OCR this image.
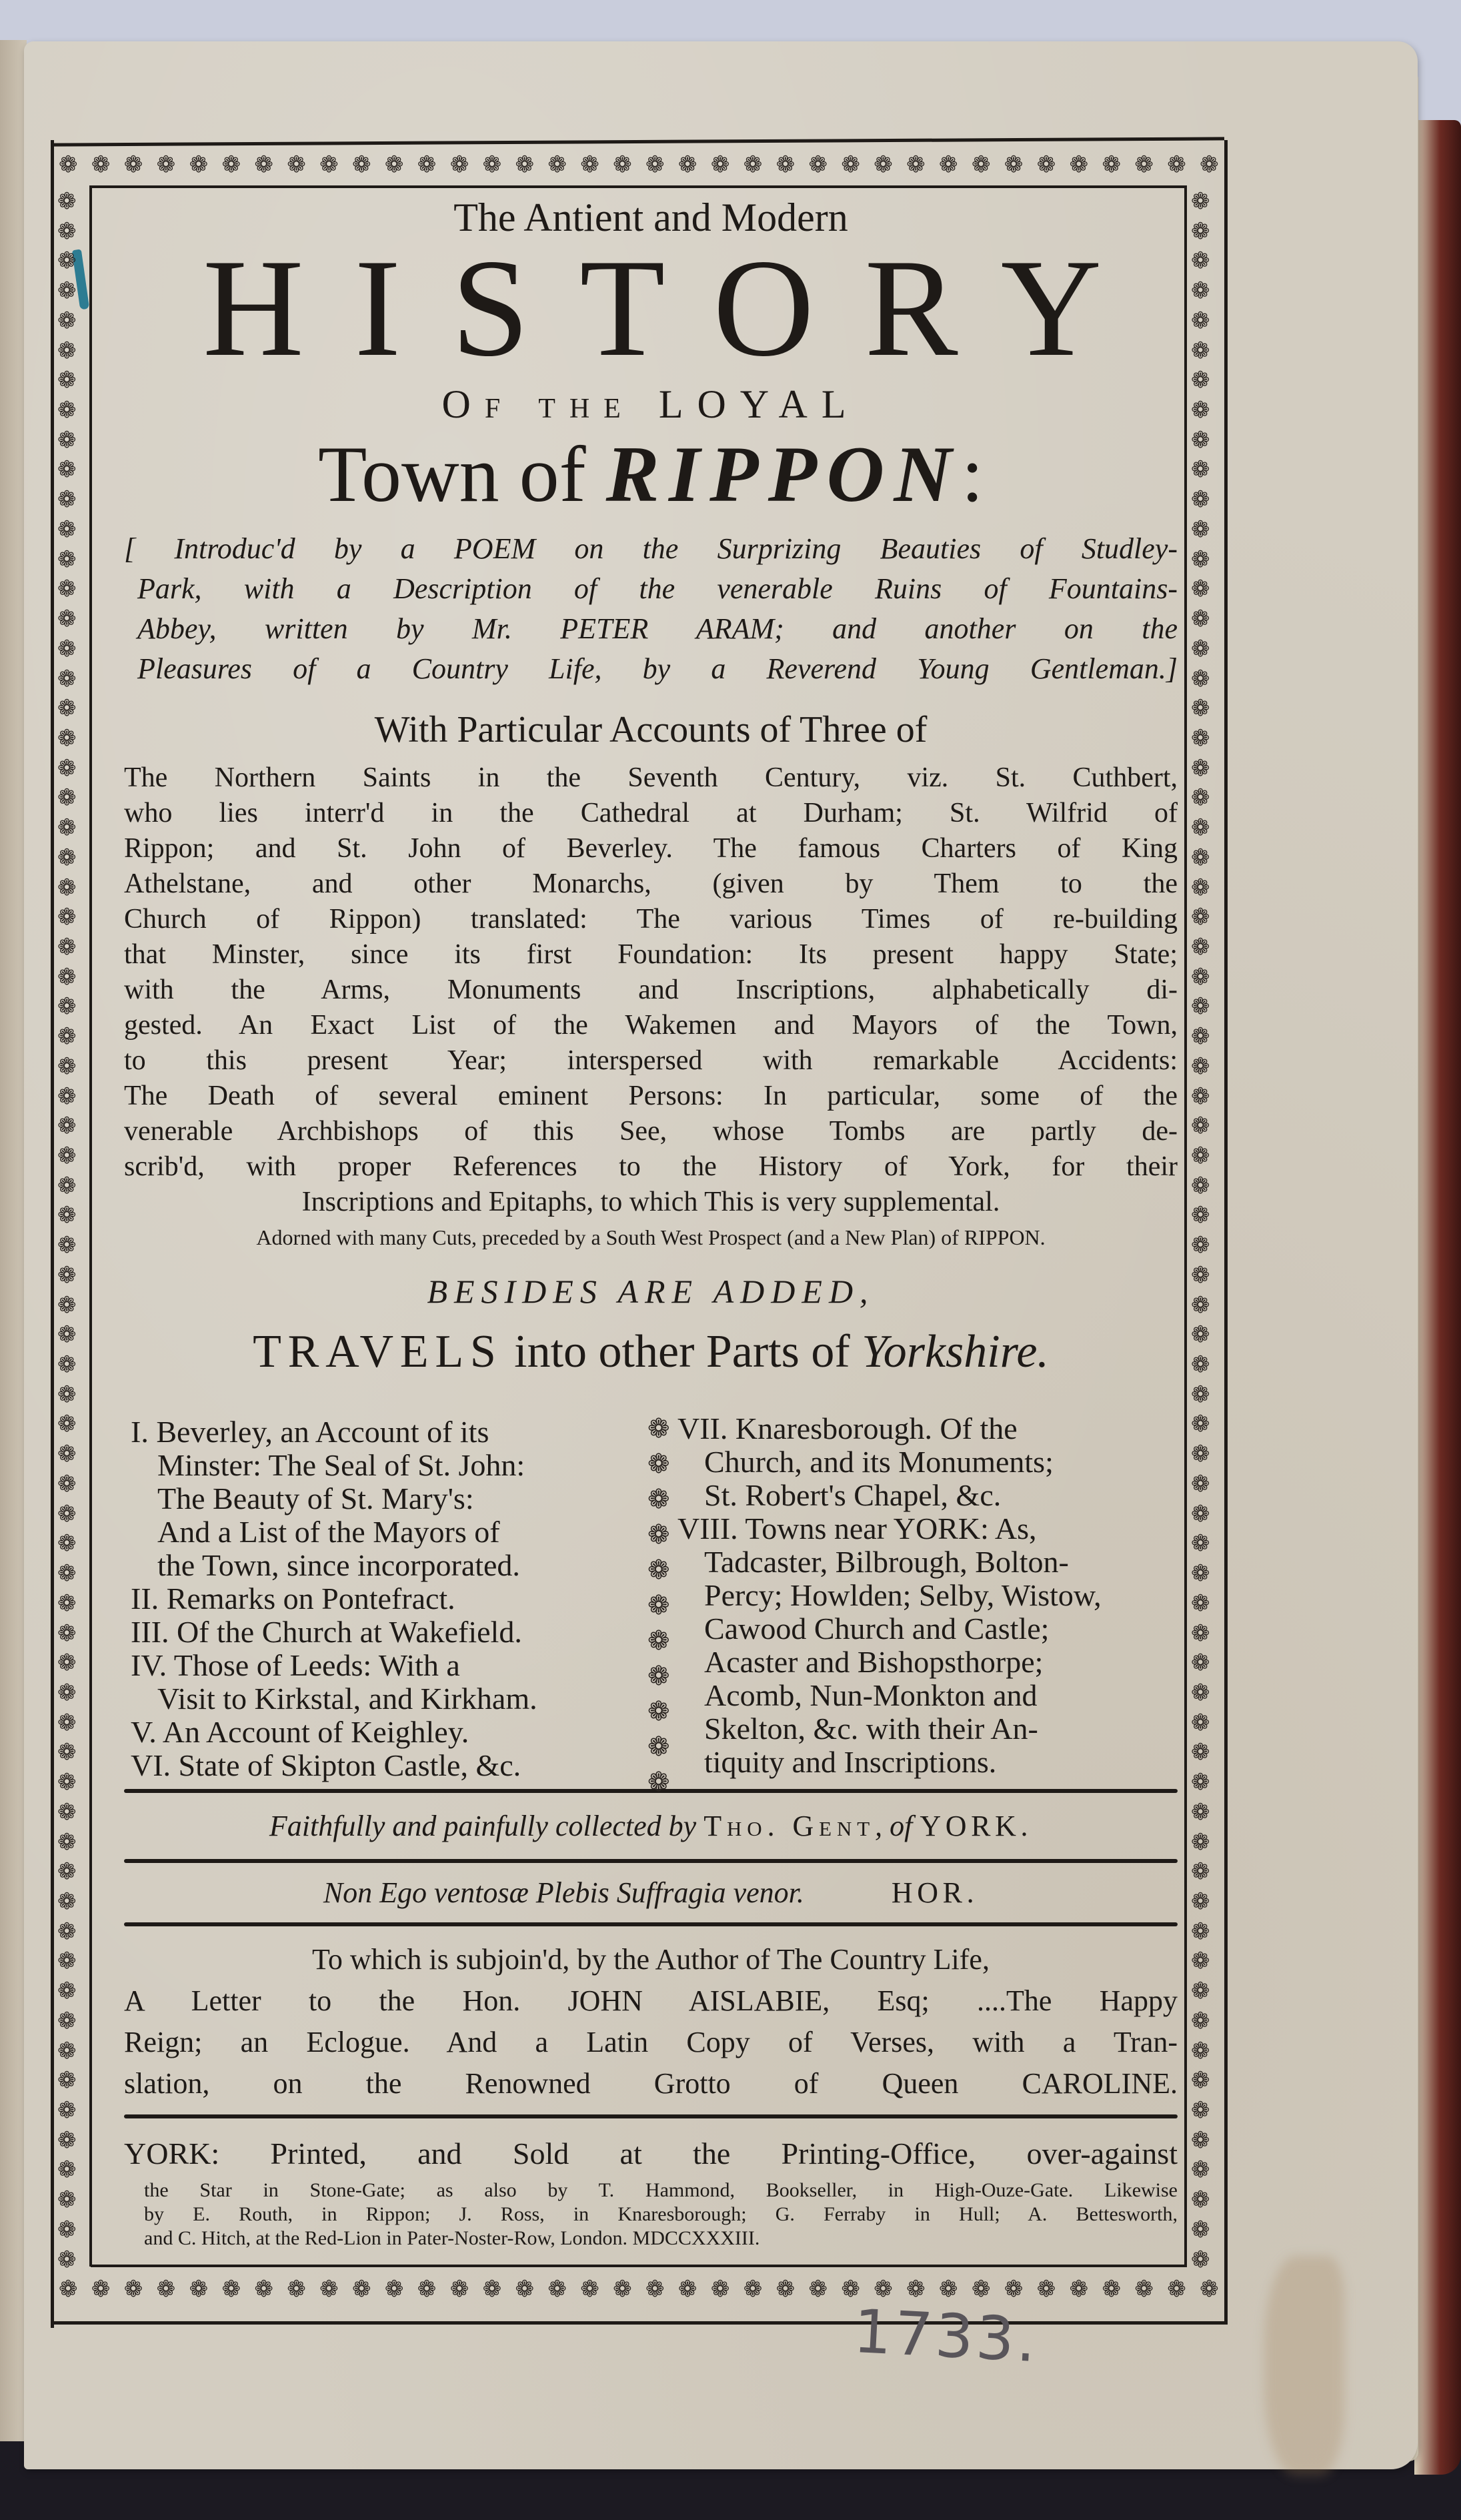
❁ ❁ ❁ ❁ ❁ ❁ ❁ ❁ ❁ ❁ ❁ ❁ ❁ ❁ ❁ ❁ ❁ ❁ ❁ ❁ ❁ ❁ ❁ ❁ ❁ ❁ ❁ ❁ ❁ ❁ ❁ ❁ ❁ ❁ ❁ ❁
❁ ❁ ❁ ❁ ❁ ❁ ❁ ❁ ❁ ❁ ❁ ❁ ❁ ❁ ❁ ❁ ❁ ❁ ❁ ❁ ❁ ❁ ❁ ❁ ❁ ❁ ❁ ❁ ❁ ❁ ❁ ❁ ❁ ❁ ❁ ❁
❁
❁
❁
❁
❁
❁
❁
❁
❁
❁
❁
❁
❁
❁
❁
❁
❁
❁
❁
❁
❁
❁
❁
❁
❁
❁
❁
❁
❁
❁
❁
❁
❁
❁
❁
❁
❁
❁
❁
❁
❁
❁
❁
❁
❁
❁
❁
❁
❁
❁
❁
❁
❁
❁
❁
❁
❁
❁
❁
❁
❁
❁
❁
❁
❁
❁
❁
❁
❁
❁
❁
❁
❁
❁
❁
❁
❁
❁
❁
❁
❁
❁
❁
❁
❁
❁
❁
❁
❁
❁
❁
❁
❁
❁
❁
❁
❁
❁
❁
❁
❁
❁
❁
❁
❁
❁
❁
❁
❁
❁
❁
❁
❁
❁
❁
❁
❁
❁
❁
❁
❁
❁
❁
❁
❁
❁
❁
❁
❁
❁
❁
❁
❁
❁
❁
❁
❁
❁
❁
❁
The Antient and Modern
HISTORY
Of the LOYAL
Town of RIPPON:
[ Introduc'd by a POEM on the Surprizing Beauties of Studley-
Park, with a Description of the venerable Ruins of Fountains-
Abbey, written by Mr. PETER ARAM; and another on the
Pleasures of a Country Life, by a Reverend Young Gentleman.]
With Particular Accounts of Three of
The Northern Saints in the Seventh Century, viz. St. Cuthbert,
who lies interr'd in the Cathedral at Durham; St. Wilfrid of
Rippon; and St. John of Beverley. The famous Charters of King
Athelstane, and other Monarchs, (given by Them to the
Church of Rippon) translated: The various Times of re-building
that Minster, since its first Foundation: Its present happy State;
with the Arms, Monuments and Inscriptions, alphabetically di-
gested. An Exact List of the Wakemen and Mayors of the Town,
to this present Year; interspersed with remarkable Accidents:
The Death of several eminent Persons: In particular, some of the
venerable Archbishops of this See, whose Tombs are partly de-
scrib'd, with proper References to the History of York, for their
Inscriptions and Epitaphs, to which This is very supplemental.
Adorned with many Cuts, preceded by a South West Prospect (and a New Plan) of RIPPON.
BESIDES ARE ADDED,
TRAVELS into other Parts of Yorkshire.
I. Beverley, an Account of its
Minster: The Seal of St. John:
The Beauty of St. Mary's:
And a List of the Mayors of
the Town, since incorporated.
II. Remarks on Pontefract.
III. Of the Church at Wakefield.
IV. Those of Leeds: With a
Visit to Kirkstal, and Kirkham.
V. An Account of Keighley.
VI. State of Skipton Castle, &c.
VII. Knaresborough. Of the
Church, and its Monuments;
St. Robert's Chapel, &c.
VIII. Towns near YORK: As,
Tadcaster, Bilbrough, Bolton-
Percy; Howlden; Selby, Wistow,
Cawood Church and Castle;
Acaster and Bishopsthorpe;
Acomb, Nun-Monkton and
Skelton, &c. with their An-
tiquity and Inscriptions.
Faithfully and painfully collected by Tho. Gent, of YORK.
Non Ego ventosæ Plebis Suffragia venor.	HOR.
To which is subjoin'd, by the Author of The Country Life,
A Letter to the Hon. JOHN AISLABIE, Esq; ....The Happy
Reign; an Eclogue. And a Latin Copy of Verses, with a Tran-
slation, on the Renowned Grotto of Queen CAROLINE.
YORK: Printed, and Sold at the Printing-Office, over-against
the Star in Stone-Gate; as also by T. Hammond, Bookseller, in High-Ouze-Gate. Likewise
by E. Routh, in Rippon; J. Ross, in Knaresborough; G. Ferraby in Hull; A. Bettesworth,
and C. Hitch, at the Red-Lion in Pater-Noster-Row, London. MDCCXXXIII.
❁
❁
❁
❁
❁
❁
❁
❁
❁
❁
❁
1733.
